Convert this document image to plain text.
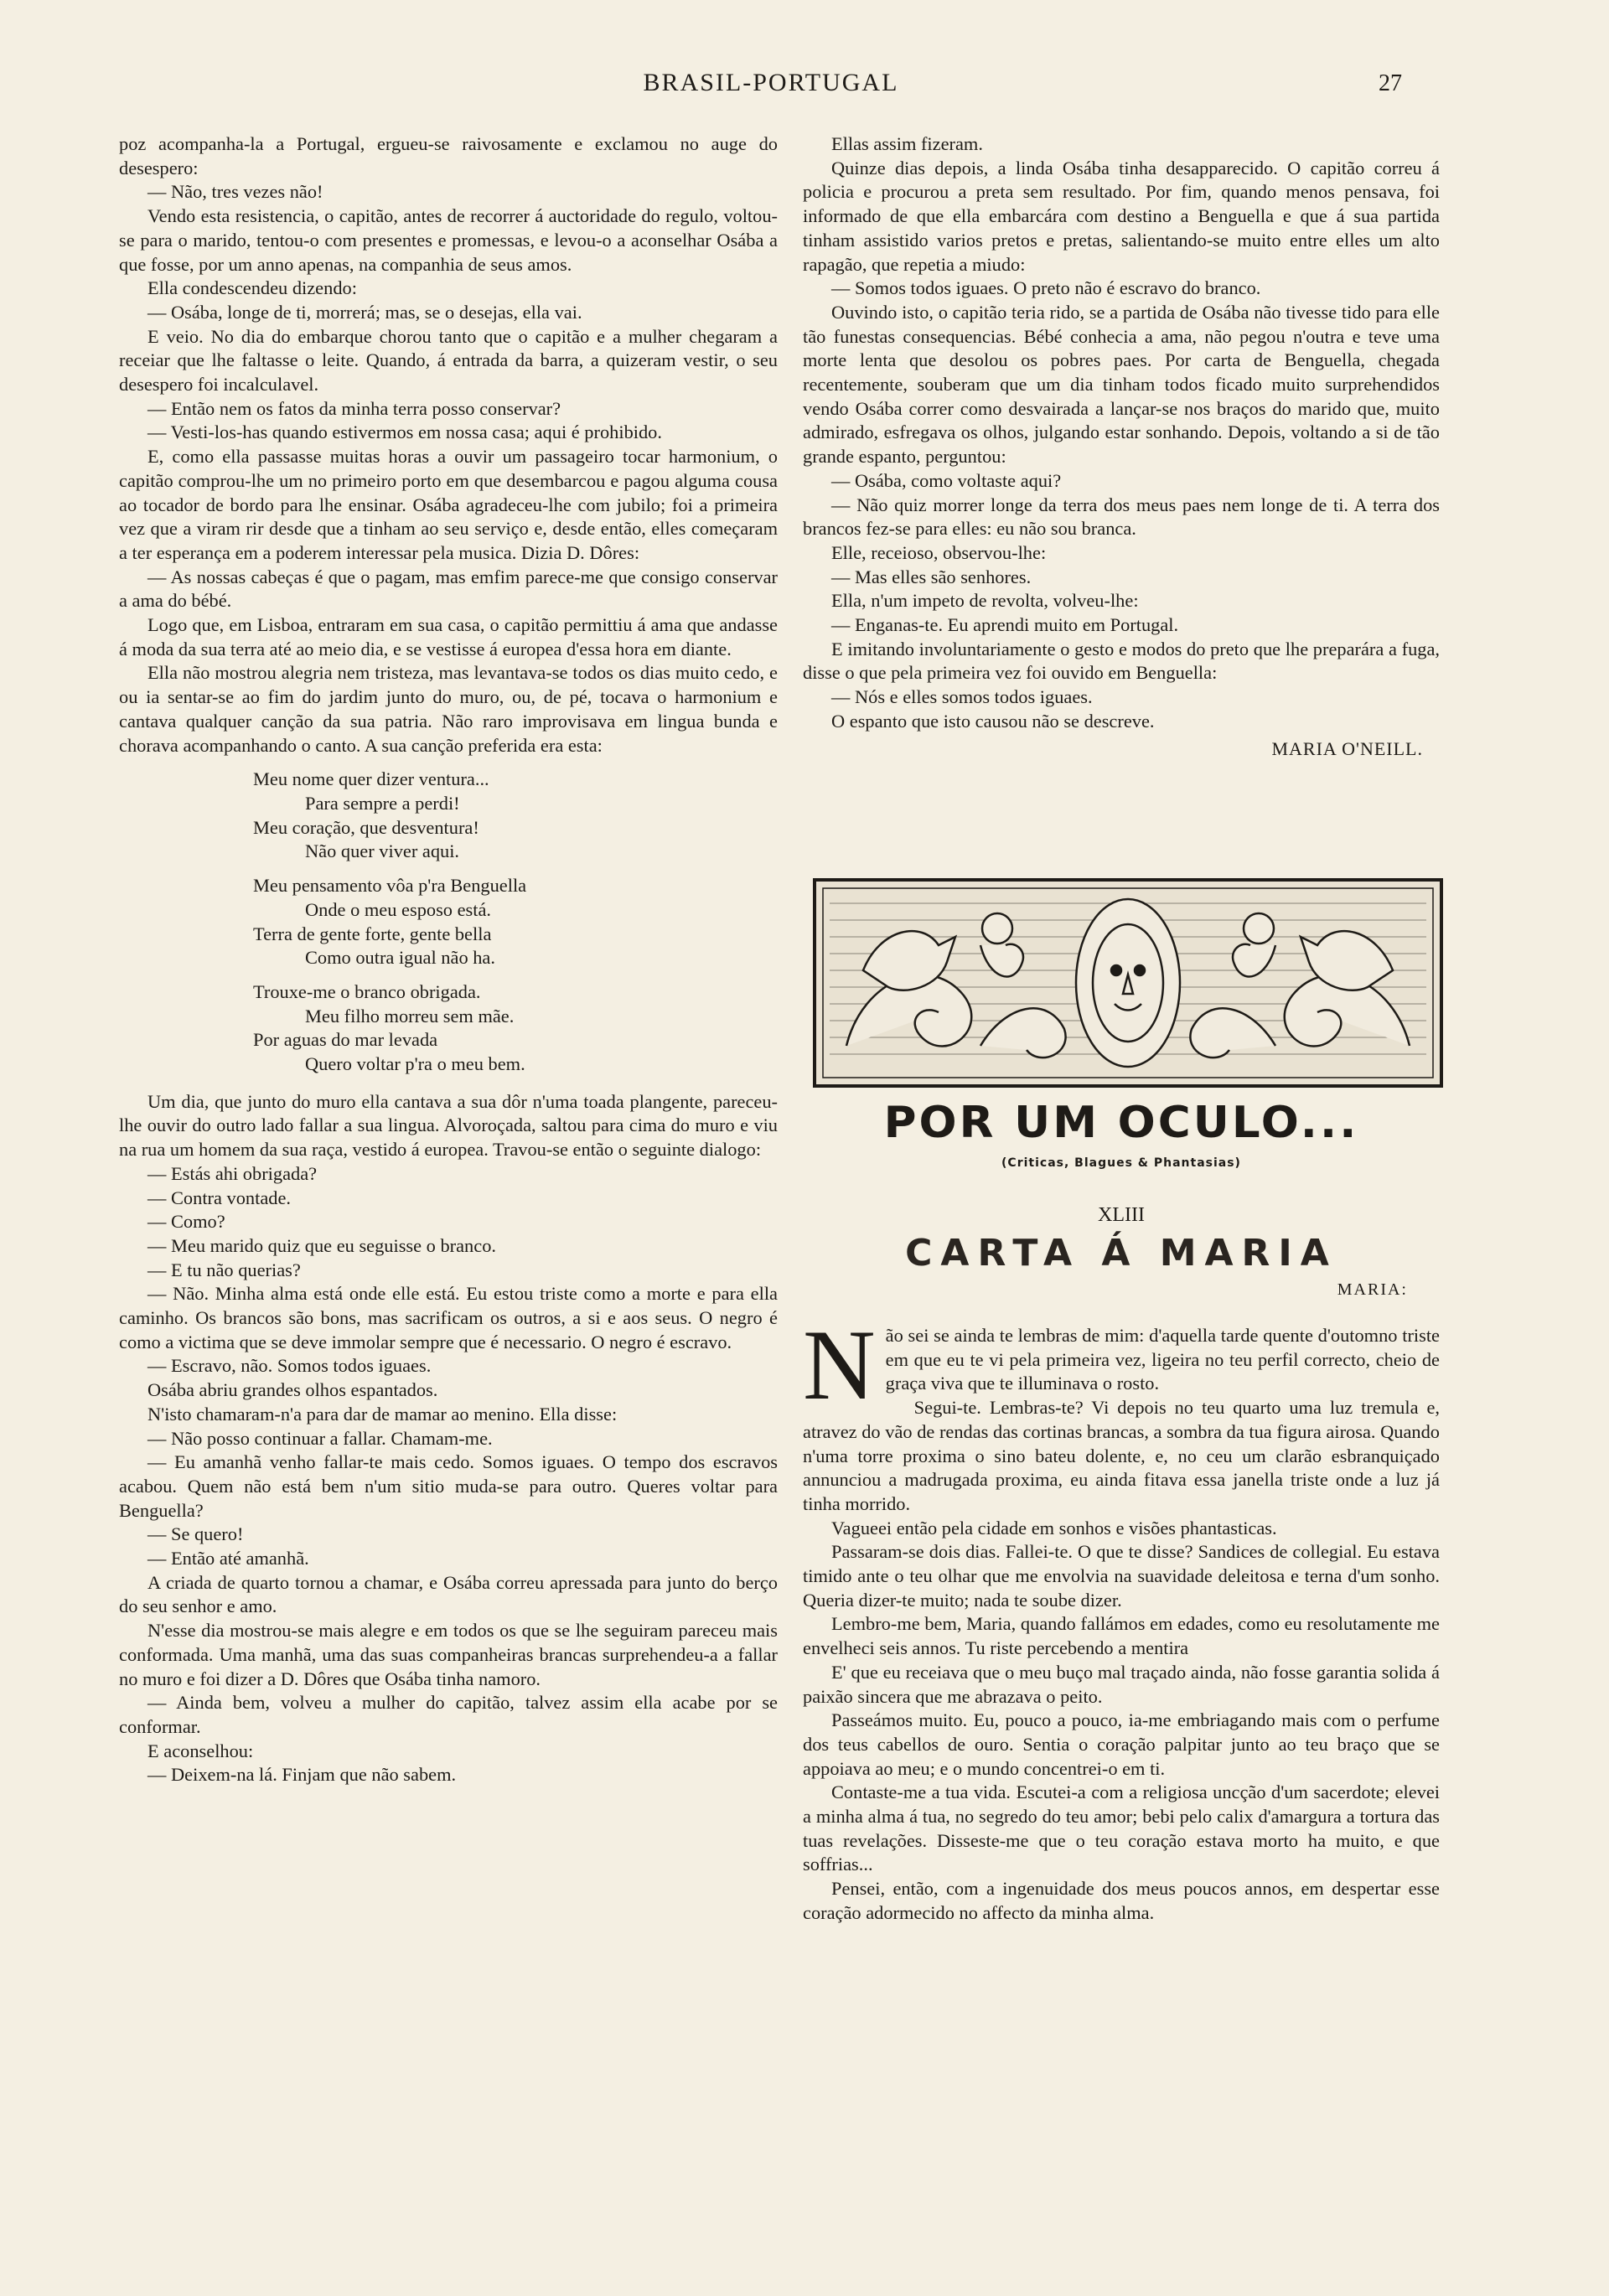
BRASIL-PORTUGAL	27

poz acompanha-la a Portugal, ergueu-se raivosamente e exclamou no auge do desespero:

— Não, tres vezes não!

Vendo esta resistencia, o capitão, antes de recorrer á auctoridade do regulo, voltou-se para o marido, tentou-o com presentes e promessas, e levou-o a aconselhar Osába a que fosse, por um anno apenas, na companhia de seus amos.

Ella condescendeu dizendo:

— Osába, longe de ti, morrerá; mas, se o desejas, ella vai.

E veio. No dia do embarque chorou tanto que o capitão e a mulher chegaram a receiar que lhe faltasse o leite. Quando, á entrada da barra, a quizeram vestir, o seu desespero foi incalculavel.

— Então nem os fatos da minha terra posso conservar?

— Vesti-los-has quando estivermos em nossa casa; aqui é prohibido.

E, como ella passasse muitas horas a ouvir um passageiro tocar harmonium, o capitão comprou-lhe um no primeiro porto em que desembarcou e pagou alguma cousa ao tocador de bordo para lhe ensinar. Osába agradeceu-lhe com jubilo; foi a primeira vez que a viram rir desde que a tinham ao seu serviço e, desde então, elles começaram a ter esperança em a poderem interessar pela musica. Dizia D. Dôres:

— As nossas cabeças é que o pagam, mas emfim parece-me que consigo conservar a ama do bébé.

Logo que, em Lisboa, entraram em sua casa, o capitão permittiu á ama que andasse á moda da sua terra até ao meio dia, e se vestisse á europea d'essa hora em diante.

Ella não mostrou alegria nem tristeza, mas levantava-se todos os dias muito cedo, e ou ia sentar-se ao fim do jardim junto do muro, ou, de pé, tocava o harmonium e cantava qualquer canção da sua patria. Não raro improvisava em lingua bunda e chorava acompanhando o canto. A sua canção preferida era esta:

Meu nome quer dizer ventura...
Para sempre a perdi!
Meu coração, que desventura!
Não quer viver aqui.
Meu pensamento vôa p'ra Benguella
Onde o meu esposo está.
Terra de gente forte, gente bella
Como outra igual não ha.
Trouxe-me o branco obrigada.
Meu filho morreu sem mãe.
Por aguas do mar levada
Quero voltar p'ra o meu bem.

Um dia, que junto do muro ella cantava a sua dôr n'uma toada plangente, pareceu-lhe ouvir do outro lado fallar a sua lingua. Alvoroçada, saltou para cima do muro e viu na rua um homem da sua raça, vestido á europea. Travou-se então o seguinte dialogo:

— Estás ahi obrigada?

— Contra vontade.

— Como?

— Meu marido quiz que eu seguisse o branco.

— E tu não querias?

— Não. Minha alma está onde elle está. Eu estou triste como a morte e para ella caminho. Os brancos são bons, mas sacrificam os outros, a si e aos seus. O negro é como a victima que se deve immolar sempre que é necessario. O negro é escravo.

— Escravo, não. Somos todos iguaes.

Osába abriu grandes olhos espantados.

N'isto chamaram-n'a para dar de mamar ao menino. Ella disse:

— Não posso continuar a fallar. Chamam-me.

— Eu amanhã venho fallar-te mais cedo. Somos iguaes. O tempo dos escravos acabou. Quem não está bem n'um sitio muda-se para outro. Queres voltar para Benguella?

— Se quero!

— Então até amanhã.

A criada de quarto tornou a chamar, e Osába correu apressada para junto do berço do seu senhor e amo.

N'esse dia mostrou-se mais alegre e em todos os que se lhe seguiram pareceu mais conformada. Uma manhã, uma das suas companheiras brancas surprehendeu-a a fallar no muro e foi dizer a D. Dôres que Osába tinha namoro.

— Ainda bem, volveu a mulher do capitão, talvez assim ella acabe por se conformar.

E aconselhou:

— Deixem-na lá. Finjam que não sabem.

Ellas assim fizeram.

Quinze dias depois, a linda Osába tinha desapparecido. O capitão correu á policia e procurou a preta sem resultado. Por fim, quando menos pensava, foi informado de que ella embarcára com destino a Benguella e que á sua partida tinham assistido varios pretos e pretas, salientando-se muito entre elles um alto rapagão, que repetia a miudo:

— Somos todos iguaes. O preto não é escravo do branco.

Ouvindo isto, o capitão teria rido, se a partida de Osába não tivesse tido para elle tão funestas consequencias. Bébé conhecia a ama, não pegou n'outra e teve uma morte lenta que desolou os pobres paes. Por carta de Benguella, chegada recentemente, souberam que um dia tinham todos ficado muito surprehendidos vendo Osába correr como desvairada a lançar-se nos braços do marido que, muito admirado, esfregava os olhos, julgando estar sonhando. Depois, voltando a si de tão grande espanto, perguntou:

— Osába, como voltaste aqui?

— Não quiz morrer longe da terra dos meus paes nem longe de ti. A terra dos brancos fez-se para elles: eu não sou branca.

Elle, receioso, observou-lhe:

— Mas elles são senhores.

Ella, n'um impeto de revolta, volveu-lhe:

— Enganas-te. Eu aprendi muito em Portugal.

E imitando involuntariamente o gesto e modos do preto que lhe preparára a fuga, disse o que pela primeira vez foi ouvido em Benguella:

— Nós e elles somos todos iguaes.

O espanto que isto causou não se descreve.

MARIA O'NEILL.
POR UM OCULO...
(Criticas, Blagues & Phantasias)
XLIII
CARTA Á MARIA
MARIA:

Não sei se ainda te lembras de mim: d'aquella tarde quente d'outomno triste em que eu te vi pela primeira vez, ligeira no teu perfil correcto, cheio de graça viva que te illuminava o rosto.

Segui-te. Lembras-te? Vi depois no teu quarto uma luz tremula e, atravez do vão de rendas das cortinas brancas, a sombra da tua figura airosa. Quando n'uma torre proxima o sino bateu dolente, e, no ceu um clarão esbranquiçado annunciou a madrugada proxima, eu ainda fitava essa janella triste onde a luz já tinha morrido.

Vagueei então pela cidade em sonhos e visões phantasticas.

Passaram-se dois dias. Fallei-te. O que te disse? Sandices de collegial. Eu estava timido ante o teu olhar que me envolvia na suavidade deleitosa e terna d'um sonho. Queria dizer-te muito; nada te soube dizer.

Lembro-me bem, Maria, quando fallámos em edades, como eu resolutamente me envelheci seis annos. Tu riste percebendo a mentira

E' que eu receiava que o meu buço mal traçado ainda, não fosse garantia solida á paixão sincera que me abrazava o peito.

Passeámos muito. Eu, pouco a pouco, ia-me embriagando mais com o perfume dos teus cabellos de ouro. Sentia o coração palpitar junto ao teu braço que se appoiava ao meu; e o mundo concentrei-o em ti.

Contaste-me a tua vida. Escutei-a com a religiosa uncção d'um sacerdote; elevei a minha alma á tua, no segredo do teu amor; bebi pelo calix d'amargura a tortura das tuas revelações. Disseste-me que o teu coração estava morto ha muito, e que soffrias...

Pensei, então, com a ingenuidade dos meus poucos annos, em despertar esse coração adormecido no affecto da minha alma.
